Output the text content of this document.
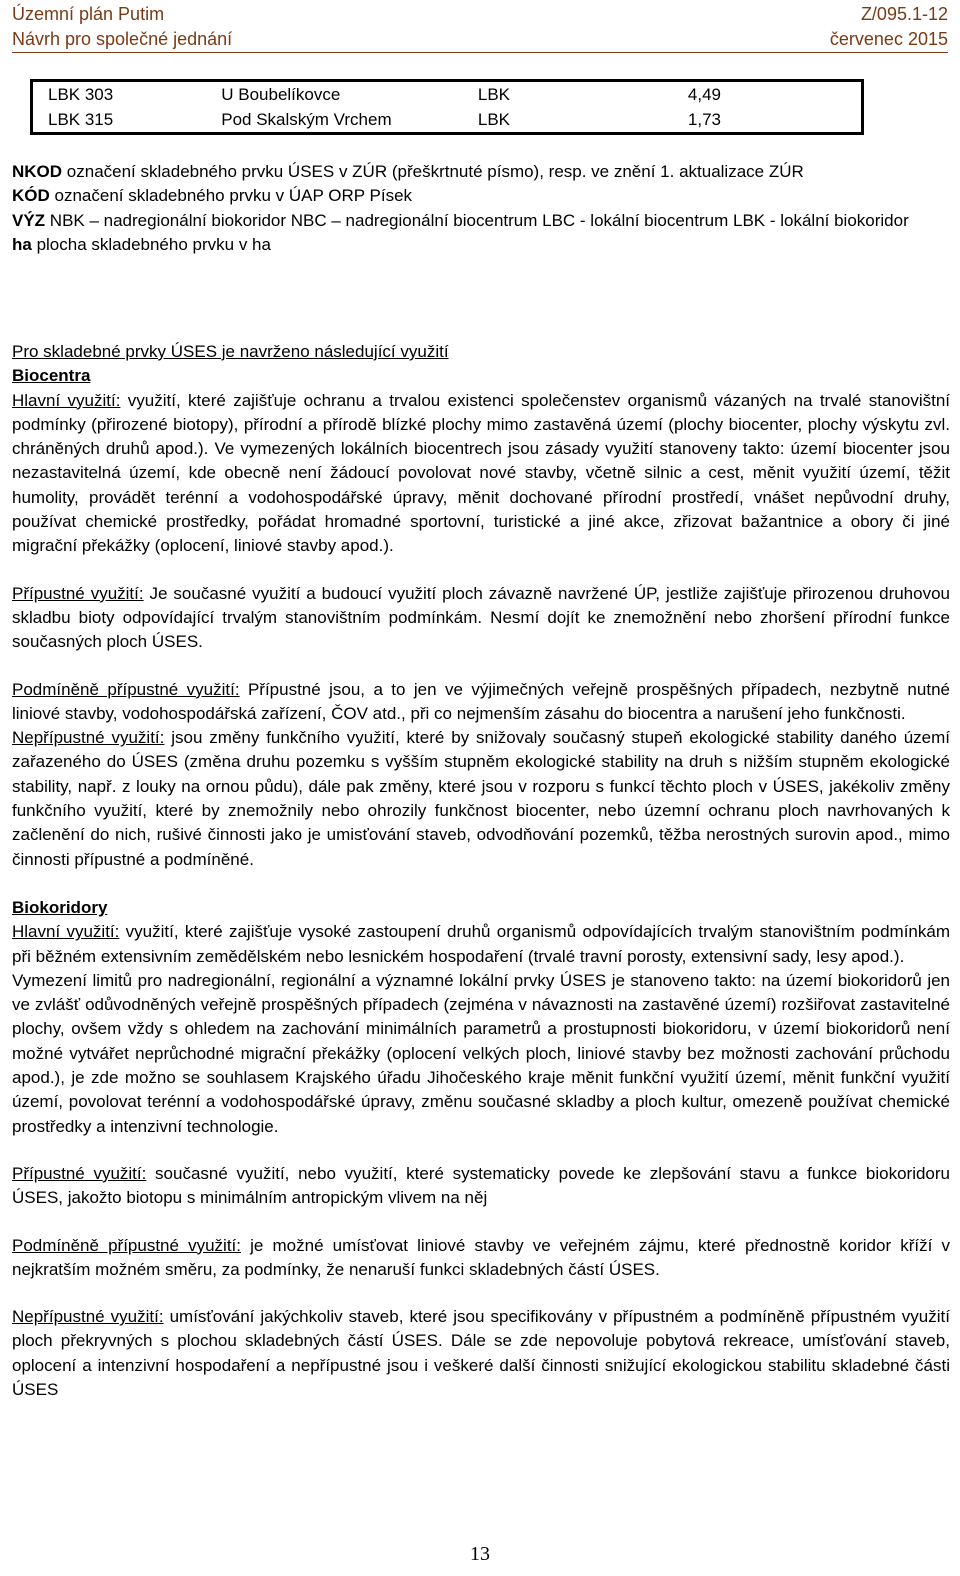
Územní plán Putim
Návrh pro společné jednání
Z/095.1-12
červenec 2015
LBK 303	U Boubelíkovce	LBK	4,49
LBK 315	Pod Skalským Vrchem	LBK	1,73

NKOD označení skladebného prvku ÚSES v ZÚR (přeškrtnuté písmo), resp. ve znění 1. aktualizace ZÚR

KÓD označení skladebného prvku v ÚAP ORP Písek

VÝZ NBK – nadregionální biokoridor NBC – nadregionální biocentrum LBC - lokální biocentrum LBK - lokální biokoridor

ha plocha skladebného prvku v ha

Pro skladebné prvky ÚSES je navrženo následující využití

Biocentra

Hlavní využití: využití, které zajišťuje ochranu a trvalou existenci společenstev organismů vázaných na trvalé stanovištní podmínky (přirozené biotopy), přírodní a přírodě blízké plochy mimo zastavěná území (plochy biocenter, plochy výskytu zvl. chráněných druhů apod.). Ve vymezených lokálních biocentrech jsou zásady využití stanoveny takto: území biocenter jsou nezastavitelná území, kde obecně není žádoucí povolovat nové stavby, včetně silnic a cest, měnit využití území, těžit humolity, provádět terénní a vodohospodářské úpravy, měnit dochované přírodní prostředí, vnášet nepůvodní druhy, používat chemické prostředky, pořádat hromadné sportovní, turistické a jiné akce, zřizovat bažantnice a obory či jiné migrační překážky (oplocení, liniové stavby apod.).

Přípustné využití: Je současné využití a budoucí využití ploch závazně navržené ÚP, jestliže zajišťuje přirozenou druhovou skladbu bioty odpovídající trvalým stanovištním podmínkám. Nesmí dojít ke znemožnění nebo zhoršení přírodní funkce současných ploch ÚSES.

Podmíněně přípustné využití: Přípustné jsou, a to jen ve výjimečných veřejně prospěšných případech, nezbytně nutné liniové stavby, vodohospodářská zařízení, ČOV atd., při co nejmenším zásahu do biocentra a narušení jeho funkčnosti.

Nepřípustné využití: jsou změny funkčního využití, které by snižovaly současný stupeň ekologické stability daného území zařazeného do ÚSES (změna druhu pozemku s vyšším stupněm ekologické stability na druh s nižším stupněm ekologické stability, např. z louky na ornou půdu), dále pak změny, které jsou v rozporu s funkcí těchto ploch v ÚSES, jakékoliv změny funkčního využití, které by znemožnily nebo ohrozily funkčnost biocenter, nebo územní ochranu ploch navrhovaných k začlenění do nich, rušivé činnosti jako je umisťování staveb, odvodňování pozemků, těžba nerostných surovin apod., mimo činnosti přípustné a podmíněné.

Biokoridory

Hlavní využití: využití, které zajišťuje vysoké zastoupení druhů organismů odpovídajících trvalým stanovištním podmínkám při běžném extensivním zemědělském nebo lesnickém hospodaření (trvalé travní porosty, extensivní sady, lesy apod.).

Vymezení limitů pro nadregionální, regionální a významné lokální prvky ÚSES je stanoveno takto: na území biokoridorů jen ve zvlášť odůvodněných veřejně prospěšných případech (zejména v návaznosti na zastavěné území) rozšiřovat zastavitelné plochy, ovšem vždy s ohledem na zachování minimálních parametrů a prostupnosti biokoridoru, v území biokoridorů není možné vytvářet neprůchodné migrační překážky (oplocení velkých ploch, liniové stavby bez možnosti zachování průchodu apod.), je zde možno se souhlasem Krajského úřadu Jihočeského kraje měnit funkční využití území, měnit funkční využití území, povolovat terénní a vodohospodářské úpravy, změnu současné skladby a ploch kultur, omezeně používat chemické prostředky a intenzivní technologie.

Přípustné využití: současné využití, nebo využití, které systematicky povede ke zlepšování stavu a funkce biokoridoru ÚSES, jakožto biotopu s minimálním antropickým vlivem na něj

Podmíněně přípustné využití: je možné umísťovat liniové stavby ve veřejném zájmu, které přednostně koridor kříží v nejkratším možném směru, za podmínky, že nenaruší funkci skladebných částí ÚSES.

Nepřípustné využití: umísťování jakýchkoliv staveb, které jsou specifikovány v přípustném a podmíněně přípustném využití ploch překryvných s plochou skladebných částí ÚSES. Dále se zde nepovoluje pobytová rekreace, umísťování staveb, oplocení a intenzivní hospodaření a nepřípustné jsou i veškeré další činnosti snižující ekologickou stabilitu skladebné části ÚSES

13
